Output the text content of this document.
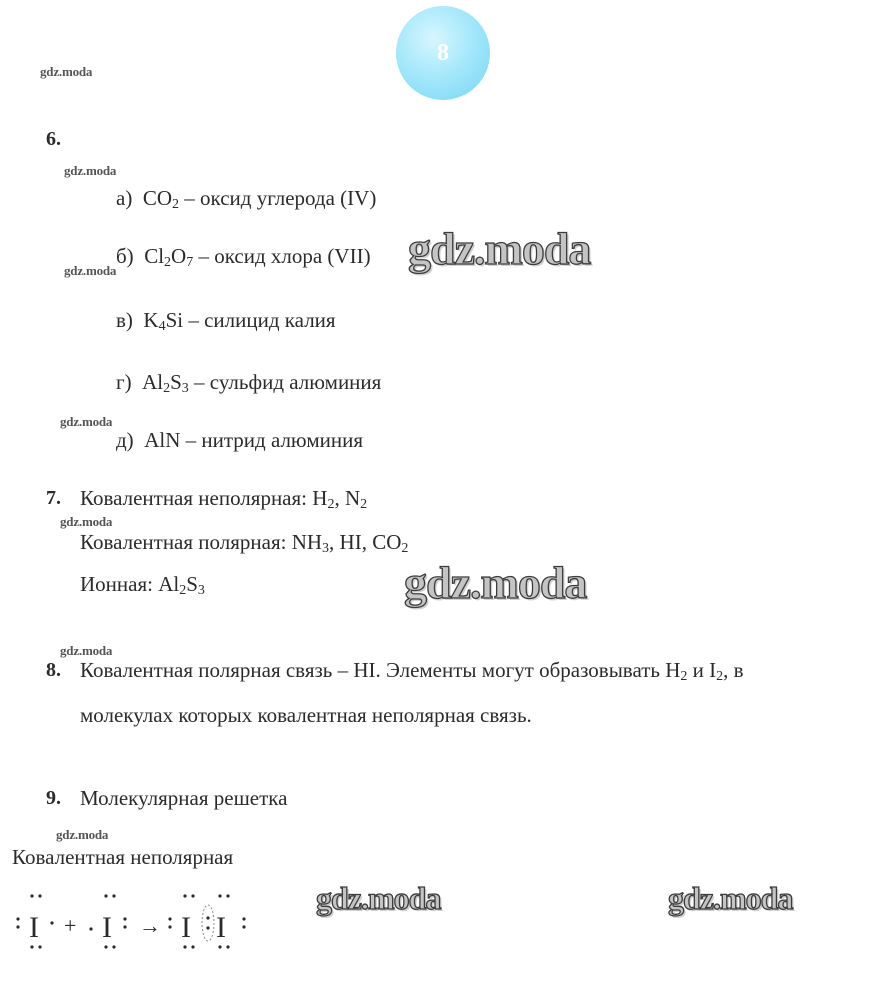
8
gdz.moda
gdz.moda
gdz.moda
gdz.moda
gdz.moda
gdz.moda
gdz.moda
6.
а) $CO_2$ – оксид углерода (IV)
б) $Cl_2O_7$ – оксид хлора (VII)
в) $K_4Si$ – силицид калия
г) $Al_2S_3$ – сульфид алюминия
д) AlN – нитрид алюминия
7. Ковалентная неполярная: $H_2$, $N_2$
Ковалентная полярная: $NH_3$, HI, $CO_2$
Ионная: $Al_2S_3$
8. Ковалентная полярная связь – HI. Элементы могут образовывать $H_2$ и $I_2$, в
молекулах которых ковалентная неполярная связь.
9. Молекулярная решетка
Ковалентная неполярная
I + I → I I
gdz.moda
gdz.moda
gdz.moda	gdz.moda
